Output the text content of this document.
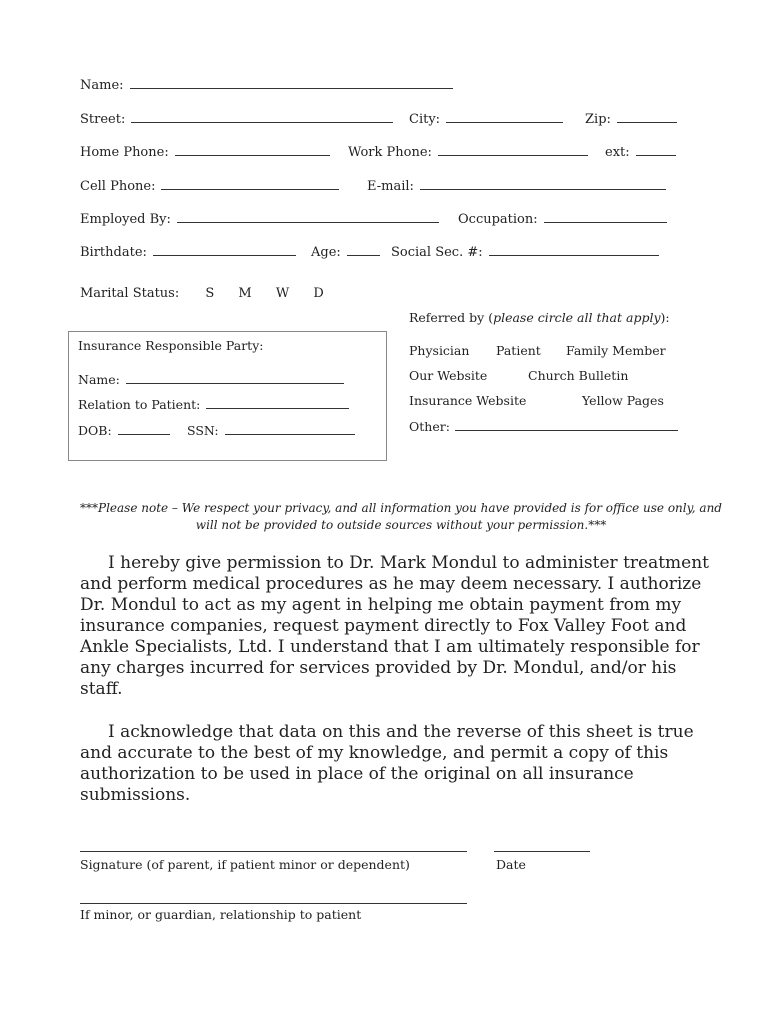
Name:
Street:	City:	Zip:
Home Phone:	Work Phone:	ext:
Cell Phone:	E-mail:
Employed By:	Occupation:
Birthdate:	Age:	Social Sec. #:
Marital Status: S M W D
Insurance Responsible Party:
Name:
Relation to Patient:
DOB:	SSN:
Referred by (please circle all that apply):
Physician Patient Family Member
Our Website	Church Bulletin
Insurance Website	Yellow Pages
Other:
***Please note – We respect your privacy, and all information you have provided is for office use only, and will not be provided to outside sources without your permission.***
I hereby give permission to Dr. Mark Mondul to administer treatment and perform medical procedures as he may deem necessary. I authorize Dr. Mondul to act as my agent in helping me obtain payment from my insurance companies, request payment directly to Fox Valley Foot and Ankle Specialists, Ltd. I understand that I am ultimately responsible for any charges incurred for services provided by Dr. Mondul, and/or his staff.
I acknowledge that data on this and the reverse of this sheet is true and accurate to the best of my knowledge, and permit a copy of this authorization to be used in place of the original on all insurance submissions.
Signature (of parent, if patient minor or dependent)	Date
If minor, or guardian, relationship to patient
